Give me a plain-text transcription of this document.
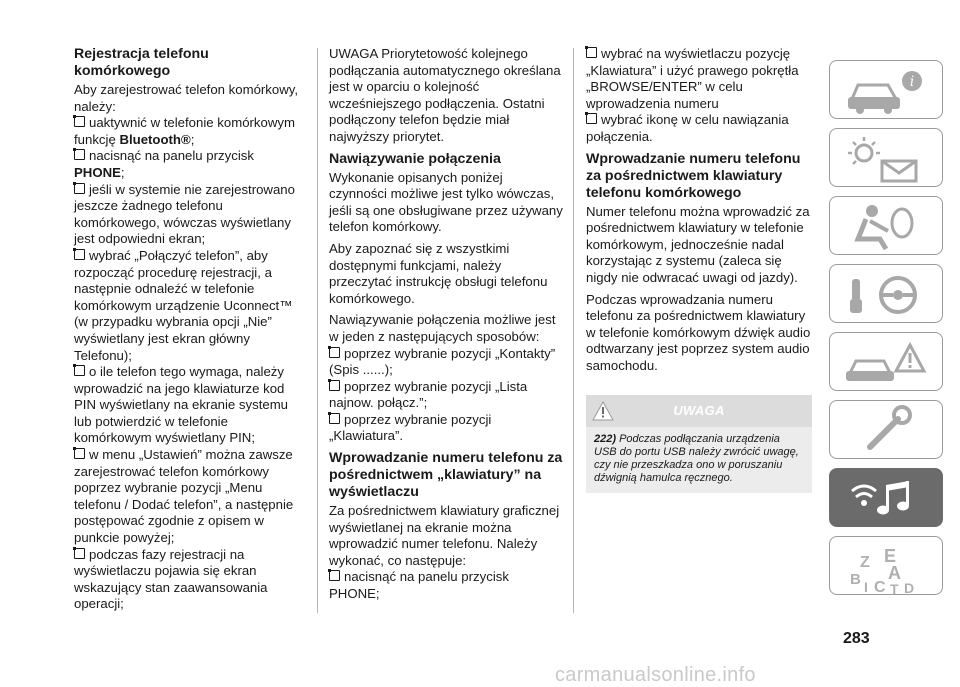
Rejestracja telefonu komórkowego

Aby zarejestrować telefon komórkowy, należy:

uaktywnić w telefonie komórkowym funkcję Bluetooth®;

nacisnąć na panelu przycisk PHONE;

jeśli w systemie nie zarejestrowano jeszcze żadnego telefonu komórkowego, wówczas wyświetlany jest odpowiedni ekran;

wybrać „Połączyć telefon”, aby rozpocząć procedurę rejestracji, a następnie odnaleźć w telefonie komórkowym urządzenie Uconnect™ (w przypadku wybrania opcji „Nie” wyświetlany jest ekran główny Telefonu);

o ile telefon tego wymaga, należy wprowadzić na jego klawiaturze kod PIN wyświetlany na ekranie systemu lub potwierdzić w telefonie komórkowym wyświetlany PIN;

w menu „Ustawień” można zawsze zarejestrować telefon komórkowy poprzez wybranie pozycji „Menu telefonu / Dodać telefon”, a następnie postępować zgodnie z opisem w punkcie powyżej;

podczas fazy rejestracji na wyświetlaczu pojawia się ekran wskazujący stan zaawansowania operacji;

UWAGA Priorytetowość kolejnego podłączania automatycznego określana jest w oparciu o kolejność wcześniejszego podłączenia. Ostatni podłączony telefon będzie miał najwyższy priorytet.

Nawiązywanie połączenia

Wykonanie opisanych poniżej czynności możliwe jest tylko wówczas, jeśli są one obsługiwane przez używany telefon komórkowy.

Aby zapoznać się z wszystkimi dostępnymi funkcjami, należy przeczytać instrukcję obsługi telefonu komórkowego.

Nawiązywanie połączenia możliwe jest w jeden z następujących sposobów:

poprzez wybranie pozycji „Kontakty” (Spis ......);

poprzez wybranie pozycji „Lista najnow. połącz.”;

poprzez wybranie pozycji „Klawiatura”.

Wprowadzanie numeru telefonu za pośrednictwem „klawiatury” na wyświetlaczu

Za pośrednictwem klawiatury graficznej wyświetlanej na ekranie można wprowadzić numer telefonu. Należy wykonać, co następuje:

nacisnąć na panelu przycisk PHONE;

wybrać na wyświetlaczu pozycję „Klawiatura” i użyć prawego pokrętła „BROWSE/ENTER” w celu wprowadzenia numeru

wybrać ikonę w celu nawiązania połączenia.

Wprowadzanie numeru telefonu za pośrednictwem klawiatury telefonu komórkowego

Numer telefonu można wprowadzić za pośrednictwem klawiatury w telefonie komórkowym, jednocześnie nadal korzystając z systemu (zaleca się nigdy nie odwracać uwagi od jazdy).

Podczas wprowadzania numeru telefonu za pośrednictwem klawiatury w telefonie komórkowym dźwięk audio odtwarzany jest poprzez system audio samochodu.

UWAGA
222) Podczas podłączania urządzenia USB do portu USB należy zwrócić uwagę, czy nie przeszkadza ono w poruszaniu dźwignią hamulca ręcznego.
i
Z E
B A
I C T D
283
carmanualsonline.info
